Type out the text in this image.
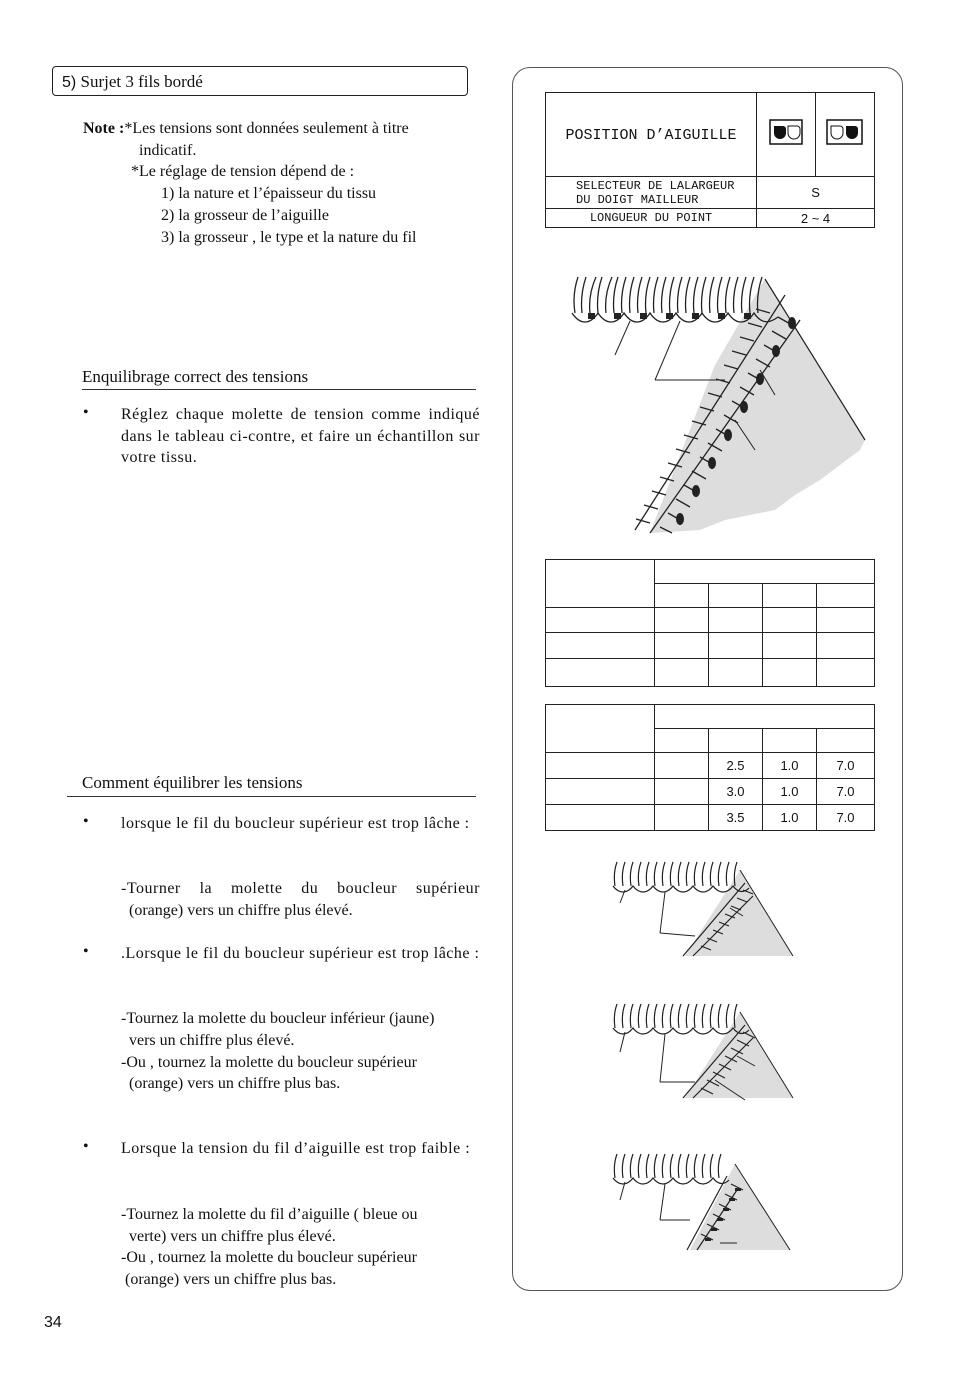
5) Surjet 3 fils bordé
Note :*Les tensions sont données seulement à titre
indicatif.
*Le réglage de tension dépend de :
1) la nature et l’épaisseur du tissu
2) la grosseur de l’aiguille
3) la grosseur , le type et la nature du fil
Enquilibrage correct des tensions
• Réglez chaque molette de tension comme indiqué dans le tableau ci-contre, et faire un échantillon sur votre tissu.
Comment équilibrer les tensions
• lorsque le fil du boucleur supérieur est trop lâche :
-Tourner la molette du boucleur supérieur
(orange) vers un chiffre plus élevé.
• .Lorsque le fil du boucleur supérieur est trop lâche :
-Tournez la molette du boucleur inférieur (jaune)
vers un chiffre plus élevé.
-Ou , tournez la molette du boucleur supérieur
(orange) vers un chiffre plus bas.
• Lorsque la tension du fil d’aiguille est trop faible :
-Tournez la molette du fil d’aiguille ( bleue ou
verte) vers un chiffre plus élevé.
-Ou , tournez la molette du boucleur supérieur
(orange) vers un chiffre plus bas.
POSITION D’AIGUILLE		

SELECTEUR DE LALARGEUR
DU DOIGT MAILLEUR	S	
LONGUEUR DU POINT	2 ~ 4	

		2.5	1.0	7.0
		3.0	1.0	7.0
		3.5	1.0	7.0
34
